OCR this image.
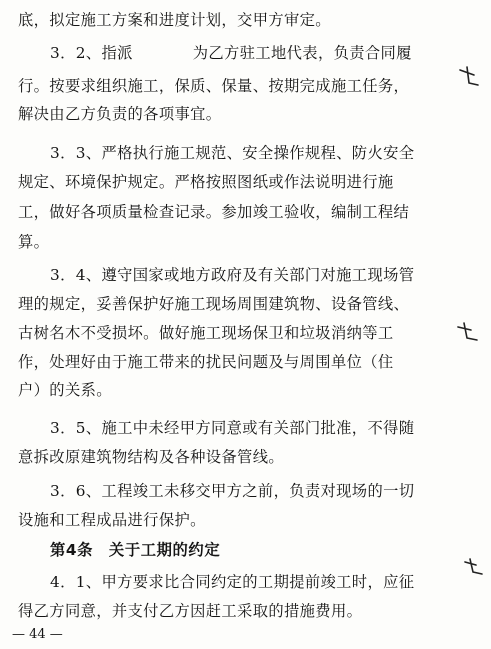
底，拟定施工方案和进度计划，交甲方审定。
3．2、指派	为乙方驻工地代表，负责合同履
行。按要求组织施工，保质、保量、按期完成施工任务，
解决由乙方负责的各项事宜。
3．3、严格执行施工规范、安全操作规程、防火安全
规定、环境保护规定。严格按照图纸或作法说明进行施
工，做好各项质量检查记录。参加竣工验收，编制工程结
算。
3．4、遵守国家或地方政府及有关部门对施工现场管
理的规定，妥善保护好施工现场周围建筑物、设备管线、
古树名木不受损坏。做好施工现场保卫和垃圾消纳等工
作，处理好由于施工带来的扰民问题及与周围单位（住
户）的关系。
3．5、施工中未经甲方同意或有关部门批准，不得随
意拆改原建筑物结构及各种设备管线。
3．6、工程竣工未移交甲方之前，负责对现场的一切
设施和工程成品进行保护。
第4条　关于工期的约定
4．1、甲方要求比合同约定的工期提前竣工时，应征
得乙方同意，并支付乙方因赶工采取的措施费用。
— 44 —
